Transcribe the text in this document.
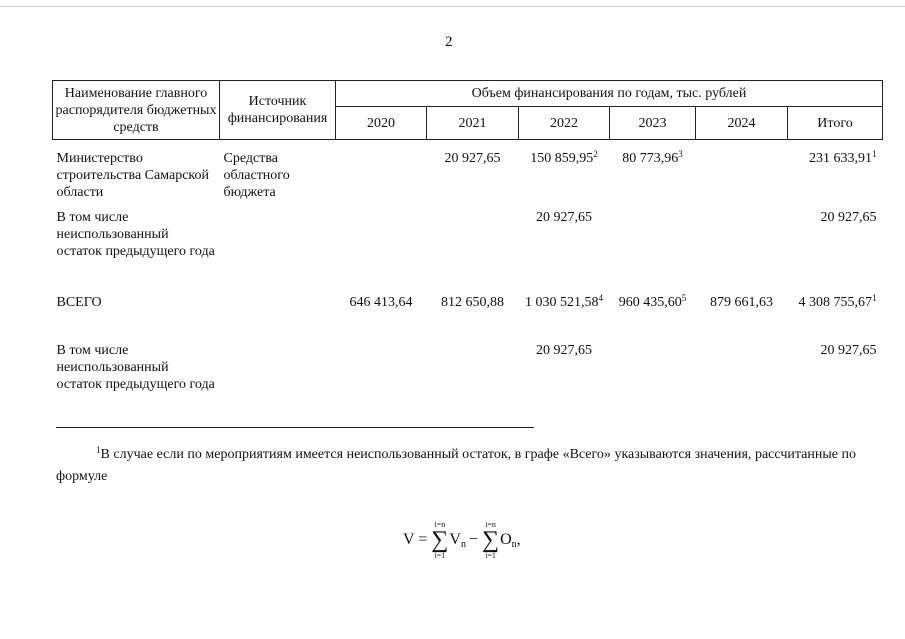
2
Наименование главного распорядителя бюджетных средств	Источник финансирования	Объем финансирования по годам, тыс. рублей					
		2020	2021	2022	2023	2024	Итого
Министерство строительства Самарской области	Средства областного бюджета		20 927,65	150 859,95$^2$	80 773,96$^3$		231 633,91$^1$
В том числе неиспользованный остаток предыдущего года				20 927,65			20 927,65
ВСЕГО		646 413,64	812 650,88	1 030 521,58$^4$	960 435,60$^5$	879 661,63	4 308 755,67$^1$
В том числе неиспользованный остаток предыдущего года				20 927,65			20 927,65
$^1$В случае если по мероприятиям имеется неиспользованный остаток, в графе «Всего» указываются значения, рассчитанные по формуле
V =
i=n
∑
i=1
$V_n$ −
i=n
∑
i=1
$O_n$,
